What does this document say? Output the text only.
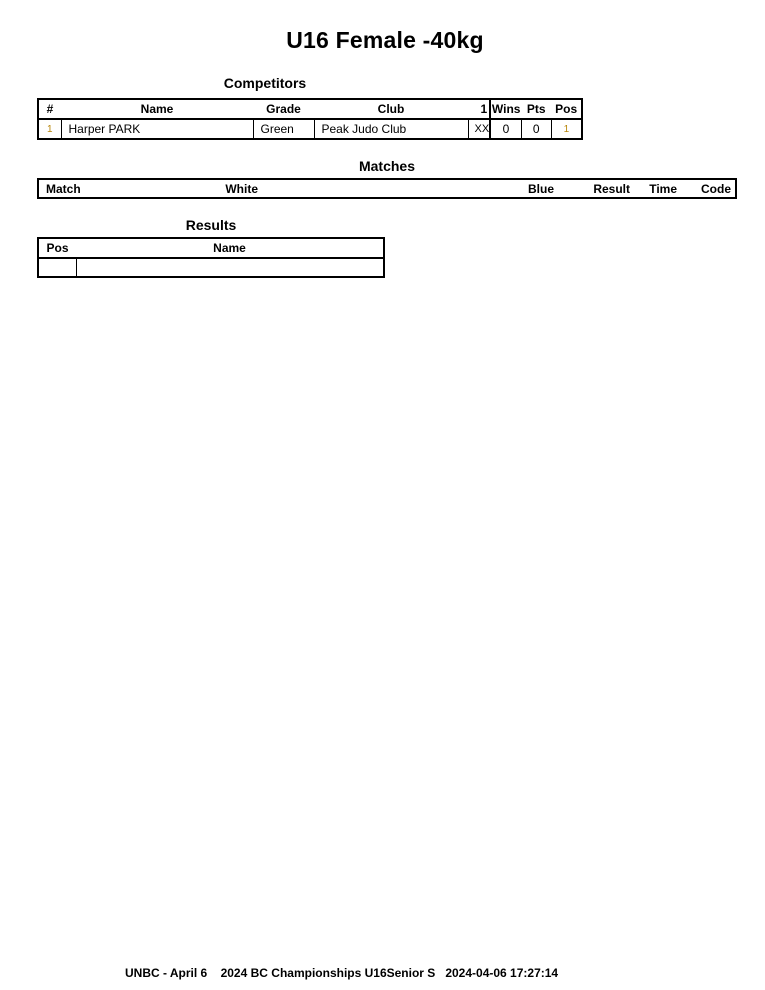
U16 Female -40kg
Competitors
#	Name	Grade	Club	1	Wins	Pts	Pos
1	Harper PARK	Green	Peak Judo Club	XX	0	0	1
Matches
Match	White	Blue	Result	Time	Code
Results
Pos	Name

UNBC - April 6 2024 BC Championships U16Senior S 2024-04-06 17:27:14
